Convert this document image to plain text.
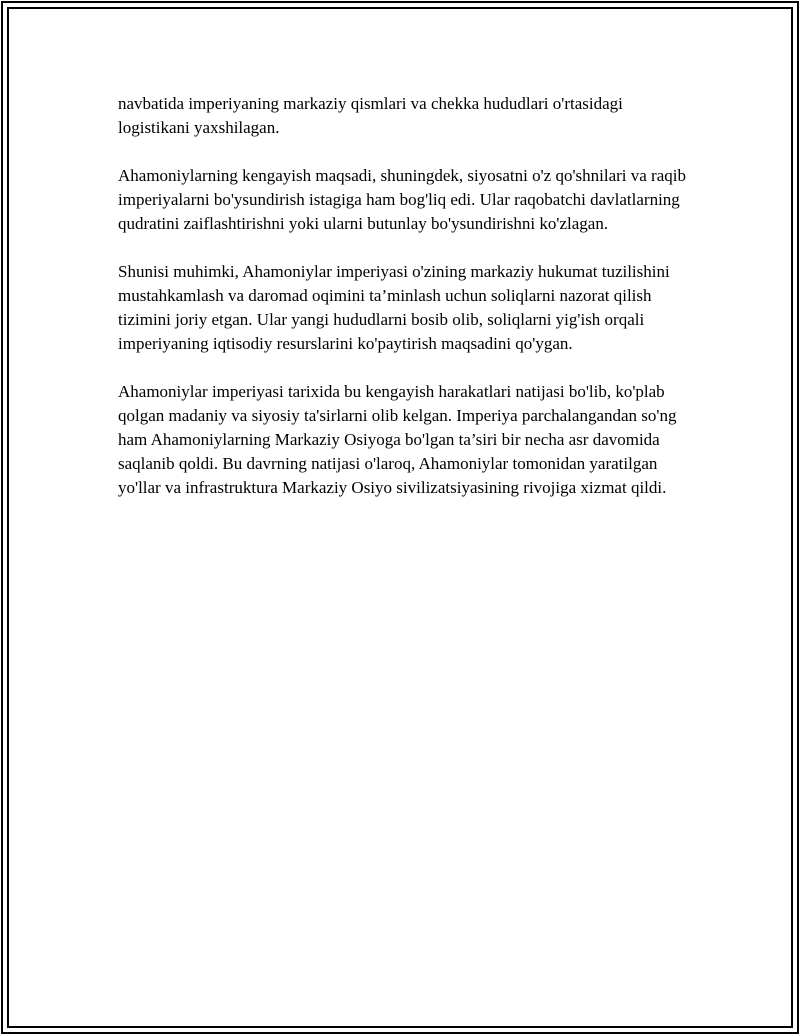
navbatida imperiyaning markaziy qismlari va chekka hududlari o'rtasidagi logistikani yaxshilagan.

Ahamoniylarning kengayish maqsadi, shuningdek, siyosatni o'z qo'shnilari va raqib imperiyalarni bo'ysundirish istagiga ham bog'liq edi. Ular raqobatchi davlatlarning qudratini zaiflashtirishni yoki ularni butunlay bo'ysundirishni ko'zlagan.

Shunisi muhimki, Ahamoniylar imperiyasi o'zining markaziy hukumat tuzilishini mustahkamlash va daromad oqimini ta’minlash uchun soliqlarni nazorat qilish tizimini joriy etgan. Ular yangi hududlarni bosib olib, soliqlarni yig'ish orqali imperiyaning iqtisodiy resurslarini ko'paytirish maqsadini qo'ygan.

Ahamoniylar imperiyasi tarixida bu kengayish harakatlari natijasi bo'lib, ko'plab qolgan madaniy va siyosiy ta'sirlarni olib kelgan. Imperiya parchalangandan so'ng ham Ahamoniylarning Markaziy Osiyoga bo'lgan ta’siri bir necha asr davomida saqlanib qoldi. Bu davrning natijasi o'laroq, Ahamoniylar tomonidan yaratilgan yo'llar va infrastruktura Markaziy Osiyo sivilizatsiyasining rivojiga xizmat qildi.
